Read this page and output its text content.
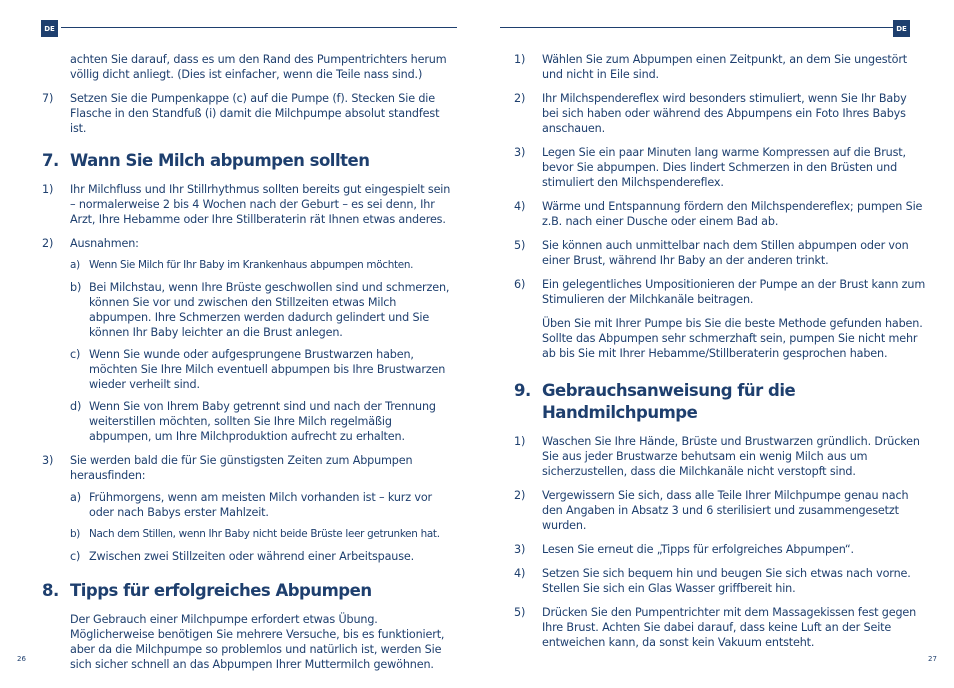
DE
achten Sie darauf, dass es um den Rand des Pumpentrichters herum völlig dicht anliegt. (Dies ist einfacher, wenn die Teile nass sind.)
7) Setzen Sie die Pumpenkappe (c) auf die Pumpe (f). Stecken Sie die Flasche in den Standfuß (i) damit die Milchpumpe absolut standfest ist.
7. Wann Sie Milch abpumpen sollten
1) Ihr Milchfluss und Ihr Stillrhythmus sollten bereits gut eingespielt sein – normalerweise 2 bis 4 Wochen nach der Geburt – es sei denn, Ihr Arzt, Ihre Hebamme oder Ihre Stillberaterin rät Ihnen etwas anderes.
2) Ausnahmen:
a) Wenn Sie Milch für Ihr Baby im Krankenhaus abpumpen möchten.
b) Bei Milchstau, wenn Ihre Brüste geschwollen sind und schmerzen, können Sie vor und zwischen den Stillzeiten etwas Milch abpumpen. Ihre Schmerzen werden dadurch gelindert und Sie können Ihr Baby leichter an die Brust anlegen.
c) Wenn Sie wunde oder aufgesprungene Brustwarzen haben, möchten Sie Ihre Milch eventuell abpumpen bis Ihre Brustwarzen wieder verheilt sind.
d) Wenn Sie von Ihrem Baby getrennt sind und nach der Trennung weiterstillen möchten, sollten Sie Ihre Milch regelmäßig abpumpen, um Ihre Milchproduktion aufrecht zu erhalten.
3) Sie werden bald die für Sie günstigsten Zeiten zum Abpumpen herausfinden:
a) Frühmorgens, wenn am meisten Milch vorhanden ist – kurz vor oder nach Babys erster Mahlzeit.
b) Nach dem Stillen, wenn Ihr Baby nicht beide Brüste leer getrunken hat.
c) Zwischen zwei Stillzeiten oder während einer Arbeitspause.
8. Tipps für erfolgreiches Abpumpen
Der Gebrauch einer Milchpumpe erfordert etwas Übung. Möglicherweise benötigen Sie mehrere Versuche, bis es funktioniert, aber da die Milchpumpe so problemlos und natürlich ist, werden Sie sich sicher schnell an das Abpumpen Ihrer Muttermilch gewöhnen.
26
DE
1) Wählen Sie zum Abpumpen einen Zeitpunkt, an dem Sie ungestört und nicht in Eile sind.
2) Ihr Milchspendereflex wird besonders stimuliert, wenn Sie Ihr Baby bei sich haben oder während des Abpumpens ein Foto Ihres Babys anschauen.
3) Legen Sie ein paar Minuten lang warme Kompressen auf die Brust, bevor Sie abpumpen. Dies lindert Schmerzen in den Brüsten und stimuliert den Milchspendereflex.
4) Wärme und Entspannung fördern den Milchspendereflex; pumpen Sie z.B. nach einer Dusche oder einem Bad ab.
5) Sie können auch unmittelbar nach dem Stillen abpumpen oder von einer Brust, während Ihr Baby an der anderen trinkt.
6) Ein gelegentliches Umpositionieren der Pumpe an der Brust kann zum Stimulieren der Milchkanäle beitragen.
Üben Sie mit Ihrer Pumpe bis Sie die beste Methode gefunden haben. Sollte das Abpumpen sehr schmerzhaft sein, pumpen Sie nicht mehr ab bis Sie mit Ihrer Hebamme/Stillberaterin gesprochen haben.
9. Gebrauchsanweisung für die
Handmilchpumpe
1) Waschen Sie Ihre Hände, Brüste und Brustwarzen gründlich. Drücken Sie aus jeder Brustwarze behutsam ein wenig Milch aus um sicherzustellen, dass die Milchkanäle nicht verstopft sind.
2) Vergewissern Sie sich, dass alle Teile Ihrer Milchpumpe genau nach den Angaben in Absatz 3 und 6 sterilisiert und zusammengesetzt wurden.
3) Lesen Sie erneut die „Tipps für erfolgreiches Abpumpen“.
4) Setzen Sie sich bequem hin und beugen Sie sich etwas nach vorne. Stellen Sie sich ein Glas Wasser griffbereit hin.
5) Drücken Sie den Pumpentrichter mit dem Massagekissen fest gegen Ihre Brust. Achten Sie dabei darauf, dass keine Luft an der Seite entweichen kann, da sonst kein Vakuum entsteht.
27
